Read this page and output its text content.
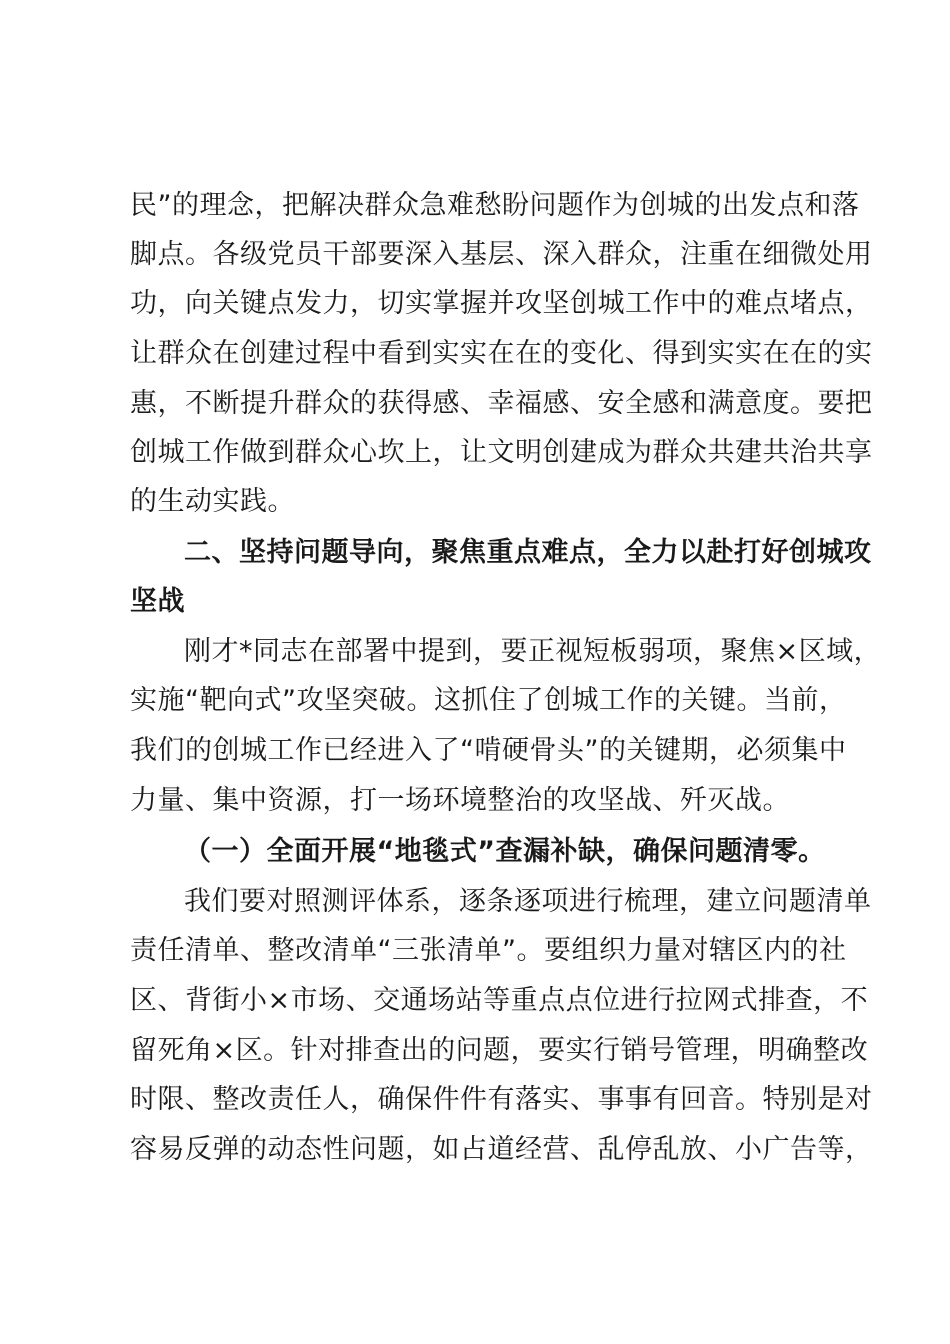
民”的理念，把解决群众急难愁盼问题作为创城的出发点和落
脚点。各级党员干部要深入基层、深入群众，注重在细微处用
功，向关键点发力，切实掌握并攻坚创城工作中的难点堵点，
让群众在创建过程中看到实实在在的变化、得到实实在在的实
惠，不断提升群众的获得感、幸福感、安全感和满意度。要把
创城工作做到群众心坎上，让文明创建成为群众共建共治共享
的生动实践。
二、坚持问题导向，聚焦重点难点，全力以赴打好创城攻
坚战
刚才*同志在部署中提到，要正视短板弱项，聚焦×区域，
实施“靶向式”攻坚突破。这抓住了创城工作的关键。当前，
我们的创城工作已经进入了“啃硬骨头”的关键期，必须集中
力量、集中资源，打一场环境整治的攻坚战、歼灭战。
（一）全面开展“地毯式”查漏补缺，确保问题清零。
我们要对照测评体系，逐条逐项进行梳理，建立问题清单
责任清单、整改清单“三张清单”。要组织力量对辖区内的社
区、背街小×市场、交通场站等重点点位进行拉网式排查，不
留死角×区。针对排查出的问题，要实行销号管理，明确整改
时限、整改责任人，确保件件有落实、事事有回音。特别是对
容易反弹的动态性问题，如占道经营、乱停乱放、小广告等，
